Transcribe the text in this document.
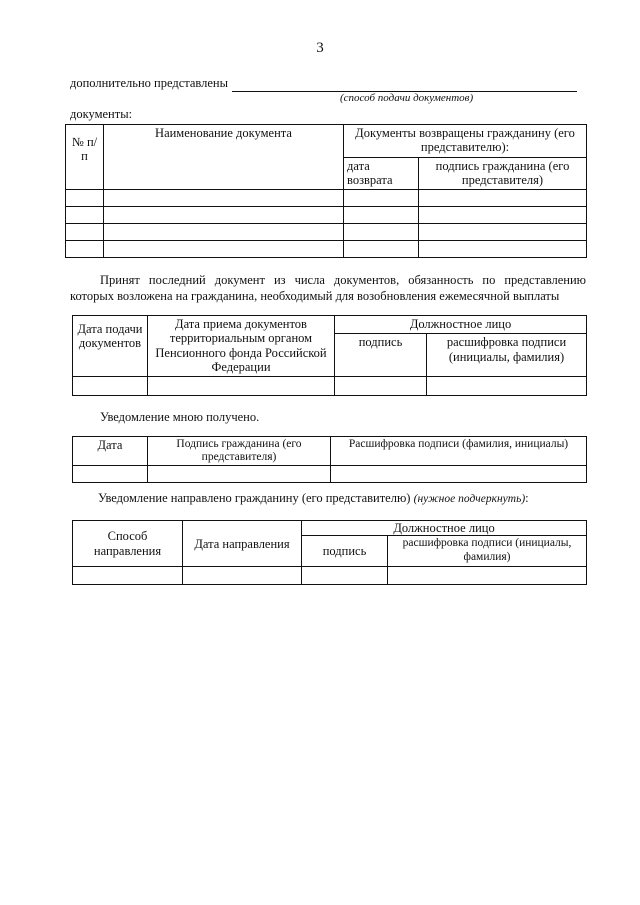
3
дополнительно представлены
(способ подачи документов)
документы:
№ п/п	Наименование документа	Документы возвращены гражданину (его представителю):	
		дата возврата	подпись гражданина (его представителя)

Принят последний документ из числа документов, обязанность по представлению которых возложена на гражданина, необходимый для возобновления ежемесячной выплаты
Дата подачи документов	Дата приема документов территориальным органом Пенсионного фонда Российской Федерации	Должностное лицо	
		подпись	расшифровка подписи (инициалы, фамилия)

Уведомление мною получено.
Дата	Подпись гражданина (его представителя)	Расшифровка подписи (фамилия, инициалы)

Уведомление направлено гражданину (его представителю) (нужное подчеркнуть):
Способ направления	Дата направления	Должностное лицо	
		подпись	расшифровка подписи (инициалы, фамилия)
